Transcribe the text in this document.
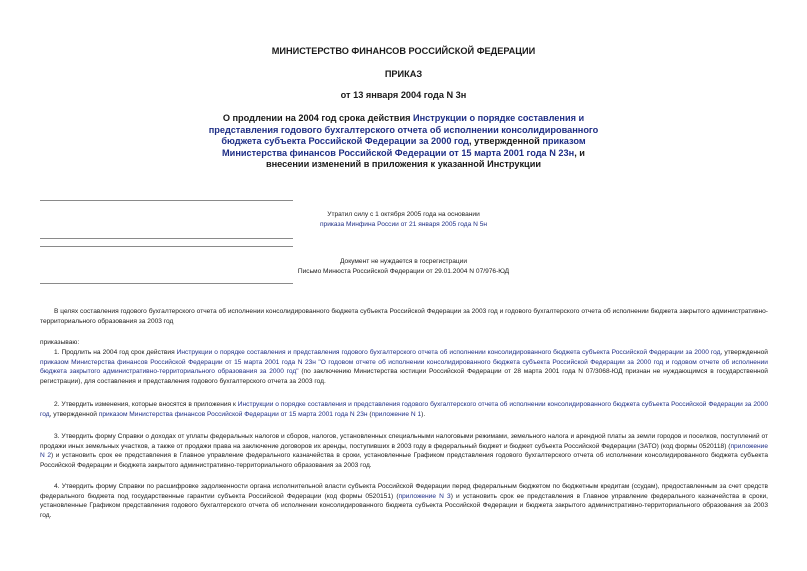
МИНИСТЕРСТВО ФИНАНСОВ РОССИЙСКОЙ ФЕДЕРАЦИИ
ПРИКАЗ
от 13 января 2004 года N 3н
О продлении на 2004 год срока действия Инструкции о порядке составления и представления годового бухгалтерского отчета об исполнении консолидированного бюджета субъекта Российской Федерации за 2000 год, утвержденной приказом Министерства финансов Российской Федерации от 15 марта 2001 года N 23н, и внесении изменений в приложения к указанной Инструкции
Утратил силу с 1 октября 2005 года на основании
приказа Минфина России от 21 января 2005 года N 5н
Документ не нуждается в госрегистрации
Письмо Минюста Российской Федерации от 29.01.2004 N 07/976-ЮД
В целях составления годового бухгалтерского отчета об исполнении консолидированного бюджета субъекта Российской Федерации за 2003 год и годового бухгалтерского отчета об исполнении бюджета закрытого административно-территориального образования за 2003 год
приказываю:
1. Продлить на 2004 год срок действия Инструкции о порядке составления и представления годового бухгалтерского отчета об исполнении консолидированного бюджета субъекта Российской Федерации за 2000 год, утвержденной приказом Министерства финансов Российской Федерации от 15 марта 2001 года N 23н "О годовом отчете об исполнении консолидированного бюджета субъекта Российской Федерации за 2000 год и годовом отчете об исполнении бюджета закрытого административно-территориального образования за 2000 год" (по заключению Министерства юстиции Российской Федерации от 28 марта 2001 года N 07/3068-ЮД признан не нуждающимся в государственной регистрации), для составления и представления годового бухгалтерского отчета за 2003 год.
2. Утвердить изменения, которые вносятся в приложения к Инструкции о порядке составления и представления годового бухгалтерского отчета об исполнении консолидированного бюджета субъекта Российской Федерации за 2000 год, утвержденной приказом Министерства финансов Российской Федерации от 15 марта 2001 года N 23н (приложение N 1).
3. Утвердить форму Справки о доходах от уплаты федеральных налогов и сборов, налогов, установленных специальными налоговыми режимами, земельного налога и арендной платы за земли городов и поселков, поступлений от продажи иных земельных участков, а также от продажи права на заключение договоров их аренды, поступивших в 2003 году в федеральный бюджет и бюджет субъекта Российской Федерации (ЗАТО) (код формы 0520118) (приложение N 2) и установить срок ее представления в Главное управление федерального казначейства в сроки, установленные Графиком представления годового бухгалтерского отчета об исполнении консолидированного бюджета субъекта Российской Федерации и бюджета закрытого административно-территориального образования за 2003 год.
4. Утвердить форму Справки по расшифровке задолженности органа исполнительной власти субъекта Российской Федерации перед федеральным бюджетом по бюджетным кредитам (ссудам), предоставленным за счет средств федерального бюджета под государственные гарантии субъекта Российской Федерации (код формы 0520151) (приложение N 3) и установить срок ее представления в Главное управление федерального казначейства в сроки, установленные Графиком представления годового бухгалтерского отчета об исполнении консолидированного бюджета субъекта Российской Федерации и бюджета закрытого административно-территориального образования за 2003 год.
